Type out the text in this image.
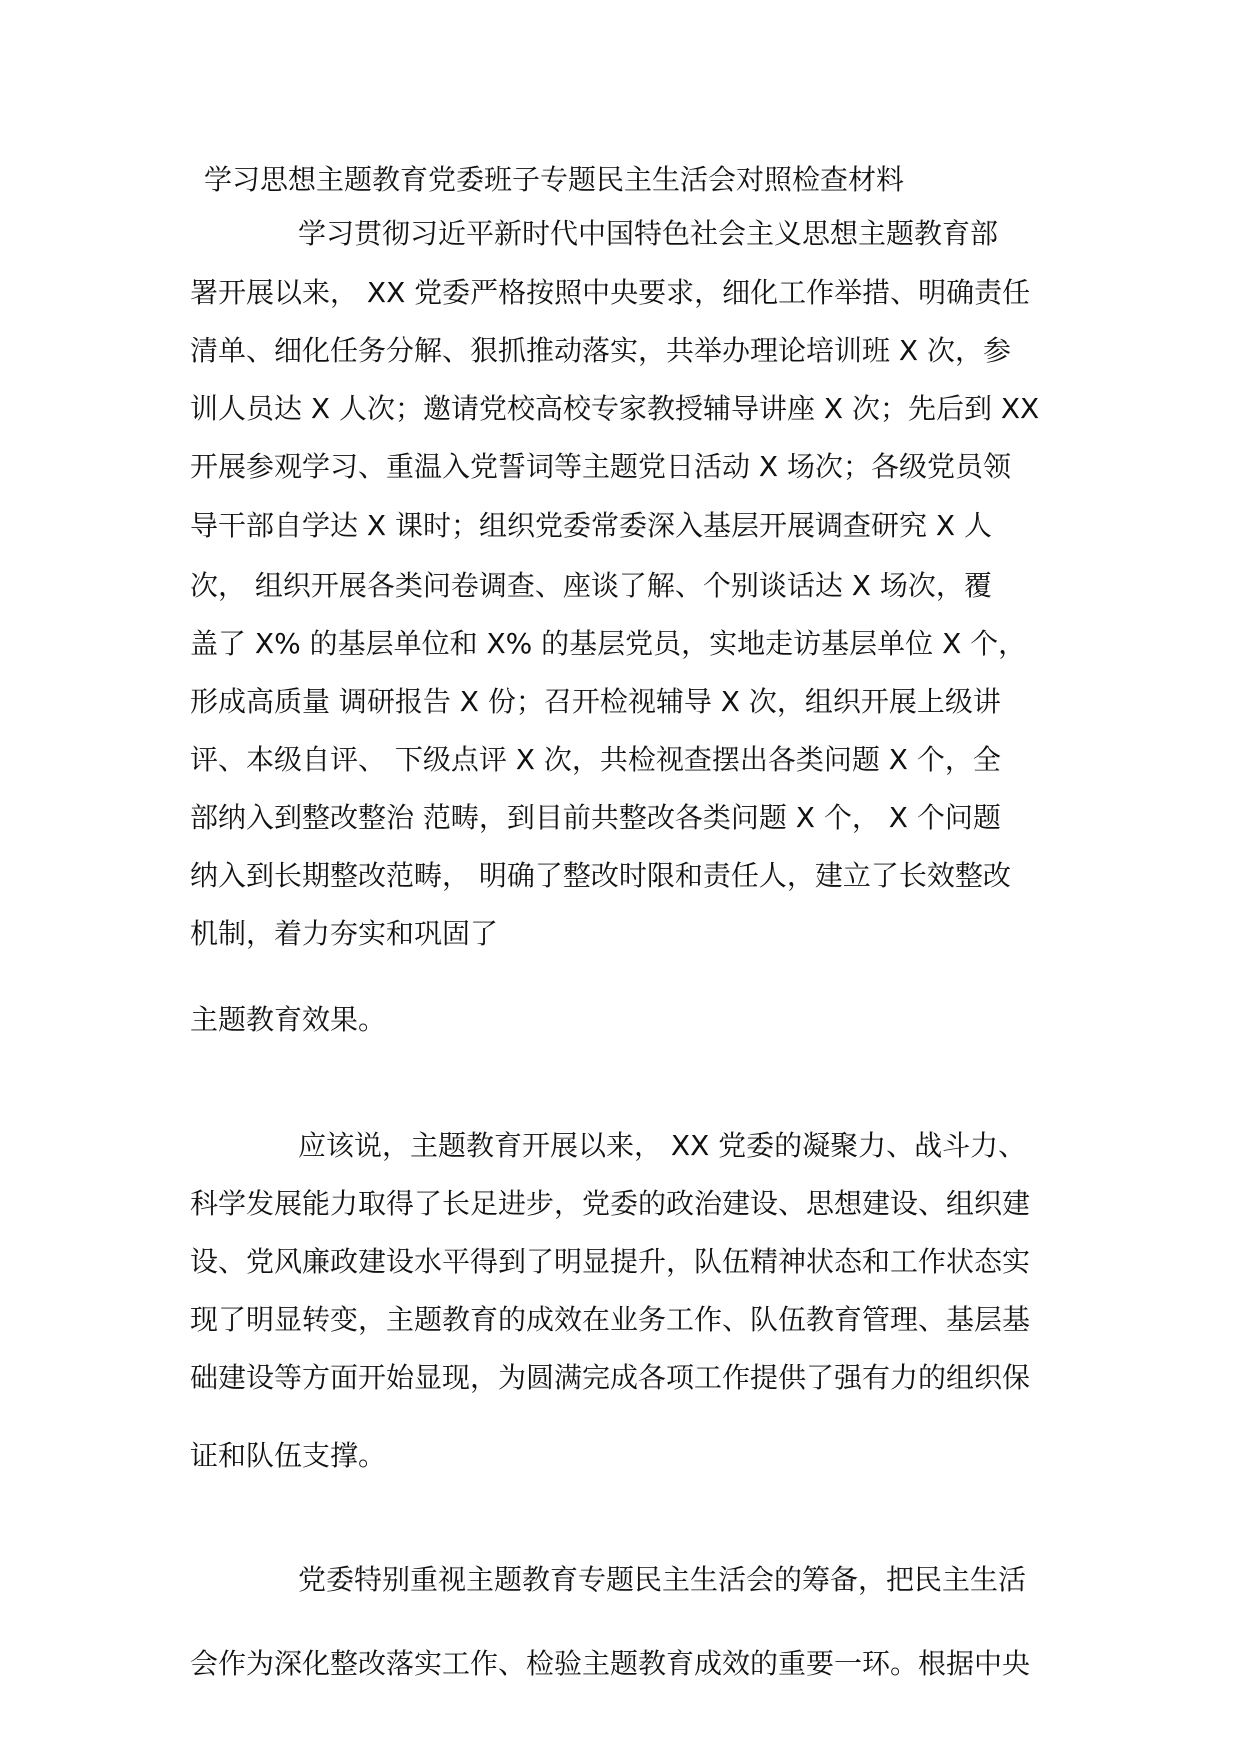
学习思想主题教育党委班子专题民主生活会对照检查材料
学习贯彻习近平新时代中国特色社会主义思想主题教育部
署开展以来， XX 党委严格按照中央要求，细化工作举措、明确责任
清单、细化任务分解、狠抓推动落实，共举办理论培训班 X 次，参
训人员达 X 人次；邀请党校高校专家教授辅导讲座 X 次；先后到 XX
开展参观学习、重温入党誓词等主题党日活动 X 场次；各级党员领
导干部自学达 X 课时；组织党委常委深入基层开展调查研究 X 人
次， 组织开展各类问卷调查、座谈了解、个别谈话达 X 场次，覆
盖了 X% 的基层单位和 X% 的基层党员，实地走访基层单位 X 个，
形成高质量 调研报告 X 份；召开检视辅导 X 次，组织开展上级讲
评、本级自评、 下级点评 X 次，共检视查摆出各类问题 X 个，全
部纳入到整改整治 范畴，到目前共整改各类问题 X 个， X 个问题
纳入到长期整改范畴， 明确了整改时限和责任人，建立了长效整改
机制，着力夯实和巩固了
主题教育效果。
应该说，主题教育开展以来， XX 党委的凝聚力、战斗力、
科学发展能力取得了长足进步，党委的政治建设、思想建设、组织建
设、党风廉政建设水平得到了明显提升，队伍精神状态和工作状态实
现了明显转变，主题教育的成效在业务工作、队伍教育管理、基层基
础建设等方面开始显现，为圆满完成各项工作提供了强有力的组织保
证和队伍支撑。
党委特别重视主题教育专题民主生活会的筹备，把民主生活
会作为深化整改落实工作、检验主题教育成效的重要一环。根据中央
